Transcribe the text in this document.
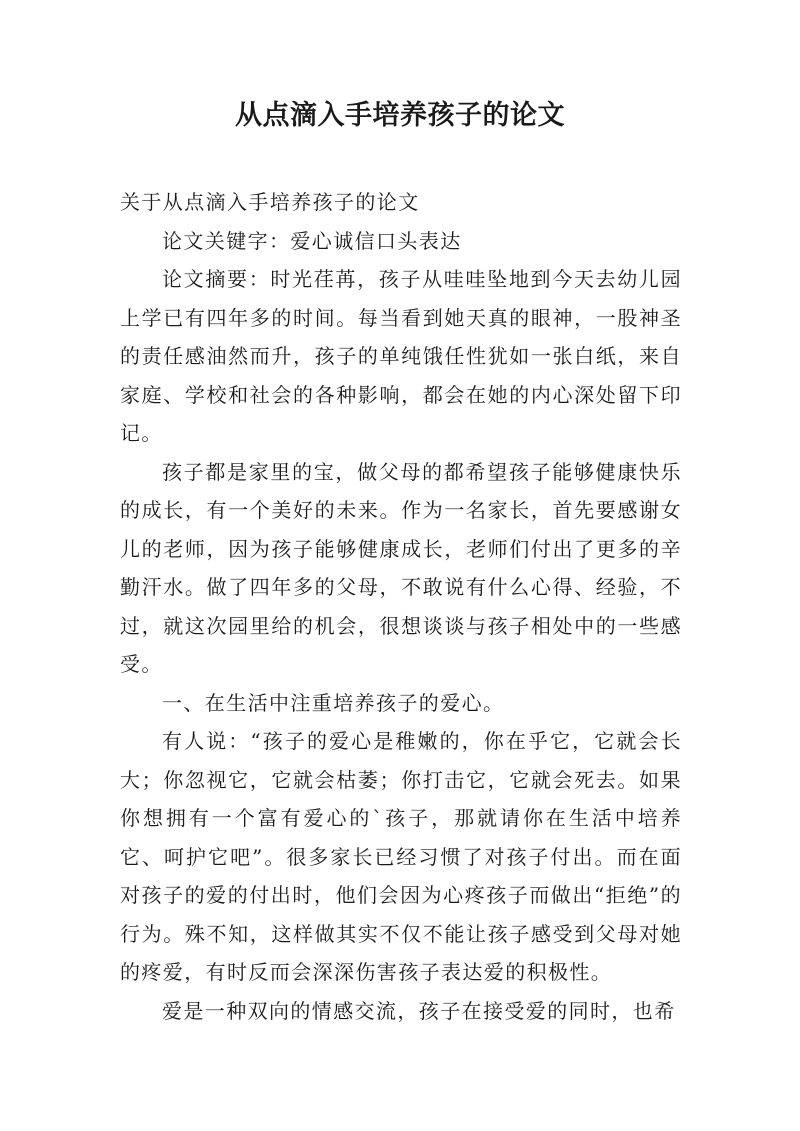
从点滴入手培养孩子的论文

关于从点滴入手培养孩子的论文

论文关键字：爱心诚信口头表达

论文摘要：时光荏苒，孩子从哇哇坠地到今天去幼儿园上学已有四年多的时间。每当看到她天真的眼神，一股神圣的责任感油然而升，孩子的单纯饿任性犹如一张白纸，来自家庭、学校和社会的各种影响，都会在她的内心深处留下印记。

孩子都是家里的宝，做父母的都希望孩子能够健康快乐的成长，有一个美好的未来。作为一名家长，首先要感谢女儿的老师，因为孩子能够健康成长，老师们付出了更多的辛勤汗水。做了四年多的父母，不敢说有什么心得、经验，不过，就这次园里给的机会，很想谈谈与孩子相处中的一些感受。

一、在生活中注重培养孩子的爱心。

有人说：“孩子的爱心是稚嫩的，你在乎它，它就会长大；你忽视它，它就会枯萎；你打击它，它就会死去。如果你想拥有一个富有爱心的`孩子，那就请你在生活中培养它、呵护它吧”。很多家长已经习惯了对孩子付出。而在面对孩子的爱的付出时，他们会因为心疼孩子而做出“拒绝”的行为。殊不知，这样做其实不仅不能让孩子感受到父母对她的疼爱，有时反而会深深伤害孩子表达爱的积极性。

爱是一种双向的情感交流，孩子在接受爱的同时，也希
